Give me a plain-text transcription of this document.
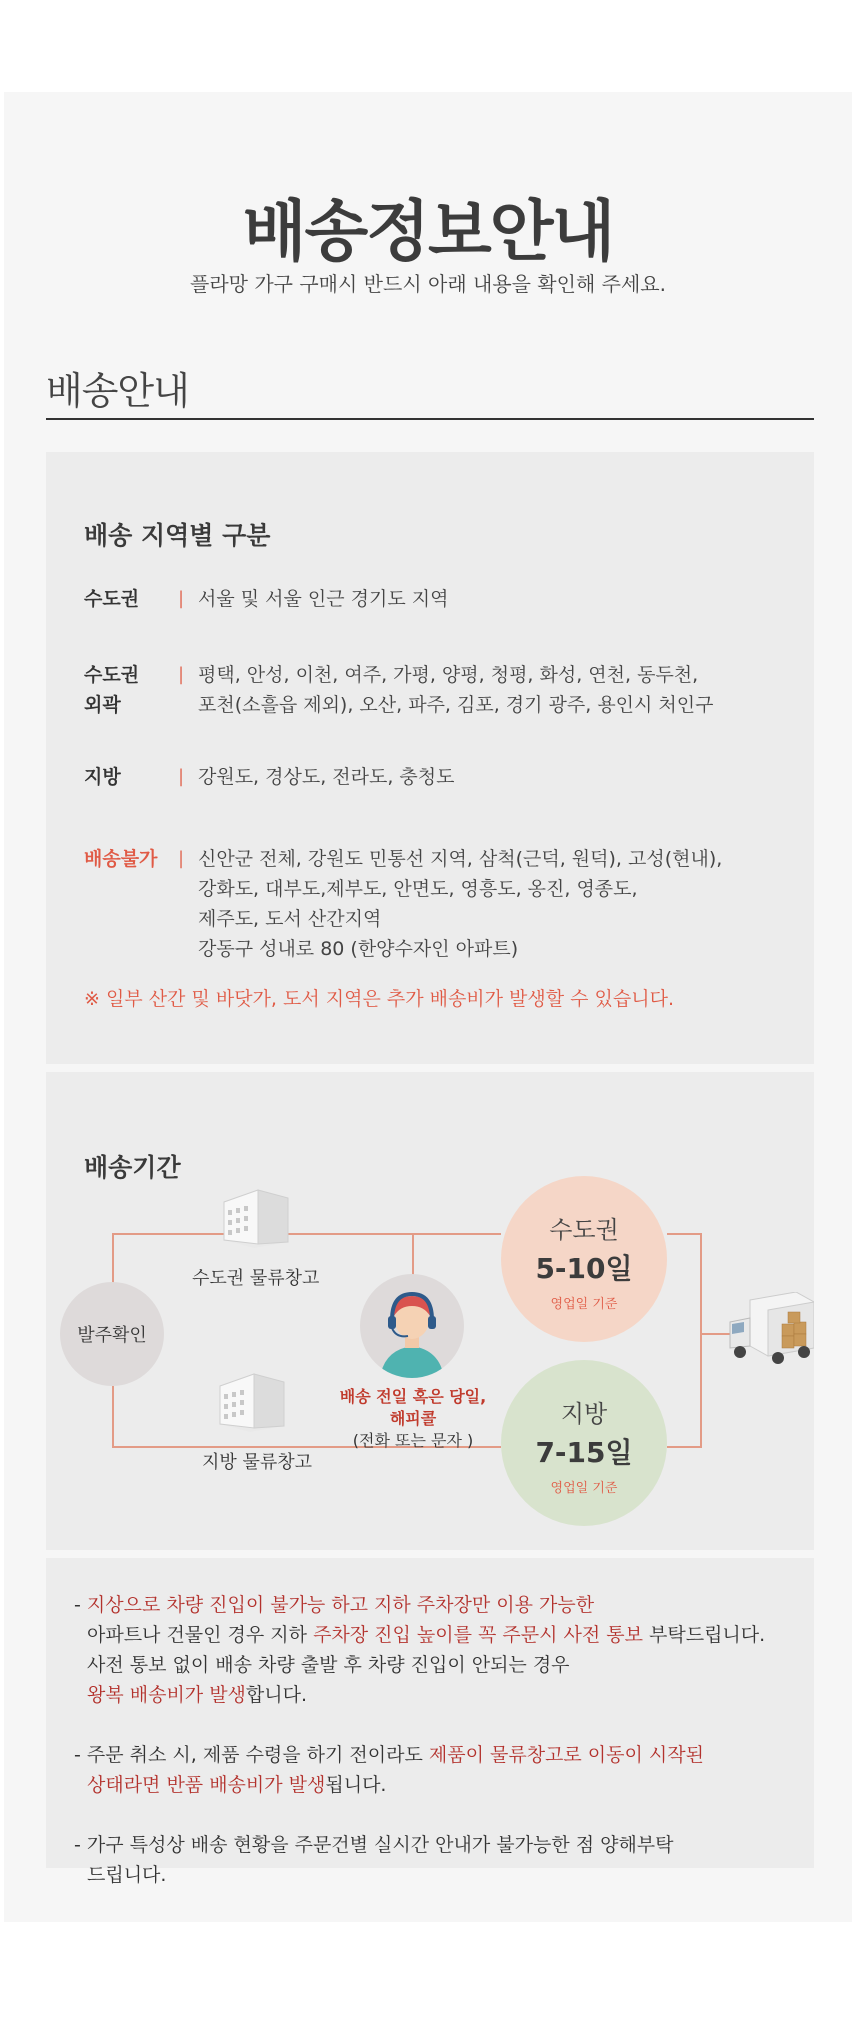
배송정보안내
플라망 가구 구매시 반드시 아래 내용을 확인해 주세요.
배송안내
배송 지역별 구분
수도권	| 서울 및 서울 인근 경기도 지역
수도권
외곽
| 평택, 안성, 이천, 여주, 가평, 양평, 청평, 화성, 연천, 동두천,
포천(소흘읍 제외), 오산, 파주, 김포, 경기 광주, 용인시 처인구
지방	| 강원도, 경상도, 전라도, 충청도
배송불가	| 신안군 전체, 강원도 민통선 지역, 삼척(근덕, 원덕), 고성(현내),
강화도, 대부도,제부도, 안면도, 영흥도, 옹진, 영종도,
제주도, 도서 산간지역
강동구 성내로 80 (한양수자인 아파트)
※ 일부 산간 및 바닷가, 도서 지역은 추가 배송비가 발생할 수 있습니다.
배송기간
발주확인
수도권 물류창고
지방 물류창고
배송 전일 혹은 당일,
해피콜
(전화 또는 문자 )
수도권
5-10일
영업일 기준
지방
7-15일
영업일 기준

- 지상으로 차량 진입이 불가능 하고 지하 주차장만 이용 가능한
아파트나 건물인 경우 지하 주차장 진입 높이를 꼭 주문시 사전 통보 부탁드립니다.
사전 통보 없이 배송 차량 출발 후 차량 진입이 안되는 경우
왕복 배송비가 발생합니다.

- 주문 취소 시, 제품 수령을 하기 전이라도 제품이 물류창고로 이동이 시작된
상태라면 반품 배송비가 발생됩니다.

- 가구 특성상 배송 현황을 주문건별 실시간 안내가 불가능한 점 양해부탁
드립니다.
